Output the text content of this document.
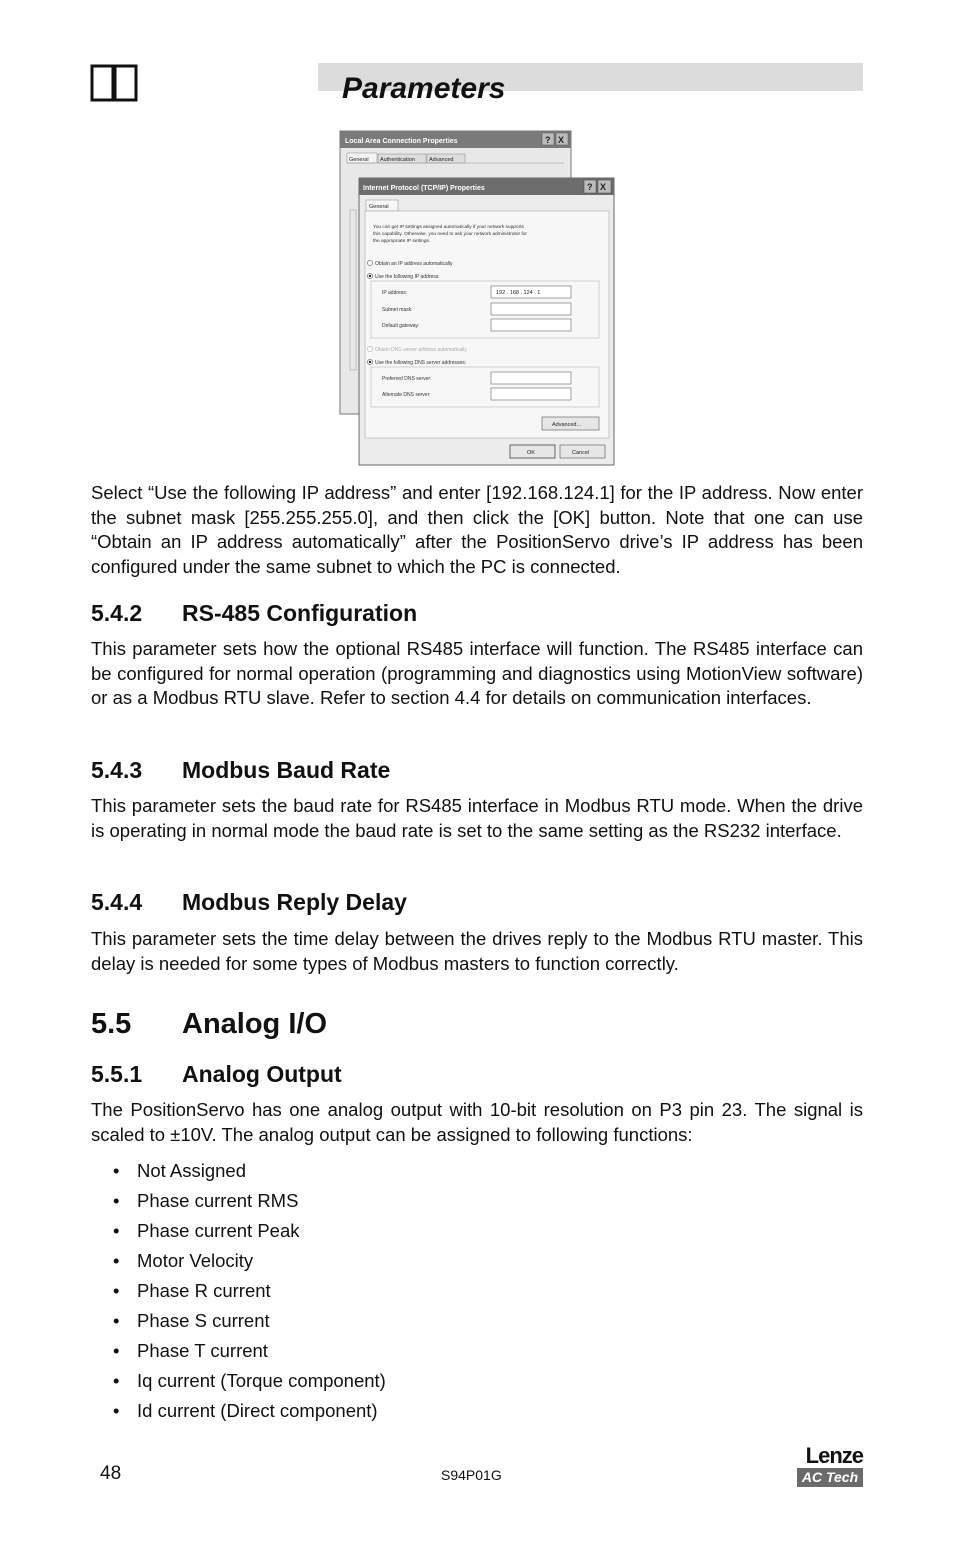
Parameters
Local Area Connection Properties	? X
General Authentication	Advanced
Internet Protocol (TCP/IP) Properties	? X
General
You can get IP settings assigned automatically if your network supports
this capability. Otherwise, you need to ask your network administrator for
the appropriate IP settings.
Obtain an IP address automatically
Use the following IP address:
IP address:	192 . 168 . 124 . 1
Subnet mask:
Default gateway:
Obtain DNS server address automatically
Use the following DNS server addresses:
Preferred DNS server:
Alternate DNS server:
Advanced...
OK	Cancel

Select “Use the following IP address” and enter [192.168.124.1] for the IP address. Now enter the subnet mask [255.255.255.0], and then click the [OK] button. Note that one can use “Obtain an IP address automatically” after the PositionServo drive’s IP address has been configured under the same subnet to which the PC is connected.

5.4.2 RS-485 Configuration

This parameter sets how the optional RS485 interface will function. The RS485 interface can be configured for normal operation (programming and diagnostics using MotionView software) or as a Modbus RTU slave. Refer to section 4.4 for details on communication interfaces.

5.4.3 Modbus Baud Rate

This parameter sets the baud rate for RS485 interface in Modbus RTU mode. When the drive is operating in normal mode the baud rate is set to the same setting as the RS232 interface.

5.4.4 Modbus Reply Delay

This parameter sets the time delay between the drives reply to the Modbus RTU master. This delay is needed for some types of Modbus masters to function correctly.

5.5 Analog I/O
5.5.1 Analog Output

The PositionServo has one analog output with 10-bit resolution on P3 pin 23. The signal is scaled to ±10V. The analog output can be assigned to following functions:

• Not Assigned
• Phase current RMS
• Phase current Peak
• Motor Velocity
• Phase R current
• Phase S current
• Phase T current
• Iq current (Torque component)
• Id current (Direct component)
48	S94P01G
Lenze
AC Tech
